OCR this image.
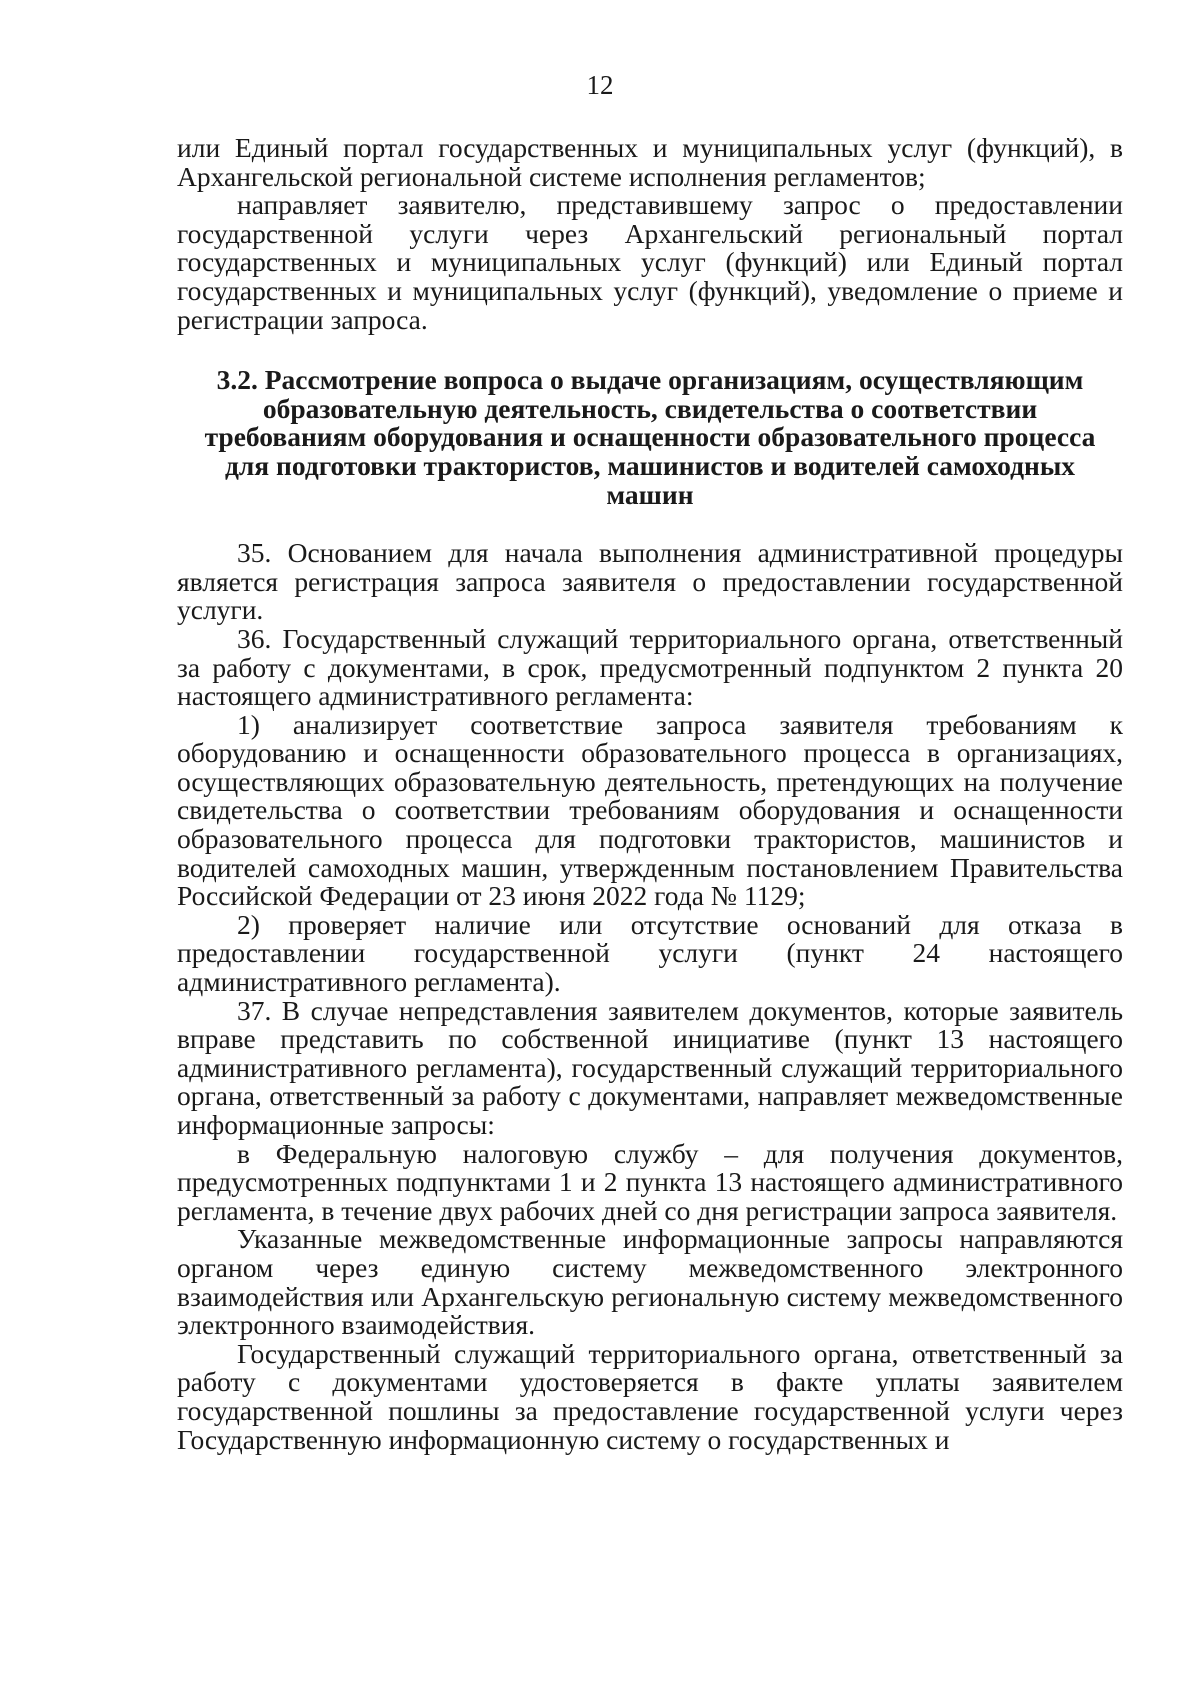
12

или Единый портал государственных и муниципальных услуг (функций), в Архангельской региональной системе исполнения регламентов;

направляет заявителю, представившему запрос о предоставлении государственной услуги через Архангельский региональный портал государственных и муниципальных услуг (функций) или Единый портал государственных и муниципальных услуг (функций), уведомление о приеме и регистрации запроса.

3.2. Рассмотрение вопроса о выдаче организациям, осуществляющим образовательную деятельность, свидетельства о соответствии требованиям оборудования и оснащенности образовательного процесса для подготовки трактористов, машинистов и водителей самоходных машин

35. Основанием для начала выполнения административной процедуры является регистрация запроса заявителя о предоставлении государственной услуги.

36. Государственный служащий территориального органа, ответственный за работу с документами, в срок, предусмотренный подпунктом 2 пункта 20 настоящего административного регламента:

1) анализирует соответствие запроса заявителя требованиям к оборудованию и оснащенности образовательного процесса в организациях, осуществляющих образовательную деятельность, претендующих на получение свидетельства о соответствии требованиям оборудования и оснащенности образовательного процесса для подготовки трактористов, машинистов и водителей самоходных машин, утвержденным постановлением Правительства Российской Федерации от 23 июня 2022 года № 1129;

2) проверяет наличие или отсутствие оснований для отказа в предоставлении государственной услуги (пункт 24 настоящего административного регламента).

37. В случае непредставления заявителем документов, которые заявитель вправе представить по собственной инициативе (пункт 13 настоящего административного регламента), государственный служащий территориального органа, ответственный за работу с документами, направляет межведомственные информационные запросы:

в Федеральную налоговую службу – для получения документов, предусмотренных подпунктами 1 и 2 пункта 13 настоящего административного регламента, в течение двух рабочих дней со дня регистрации запроса заявителя.

Указанные межведомственные информационные запросы направляются органом через единую систему межведомственного электронного взаимодействия или Архангельскую региональную систему межведомственного электронного взаимодействия.

Государственный служащий территориального органа, ответственный за работу с документами удостоверяется в факте уплаты заявителем государственной пошлины за предоставление государственной услуги через Государственную информационную систему о государственных и
